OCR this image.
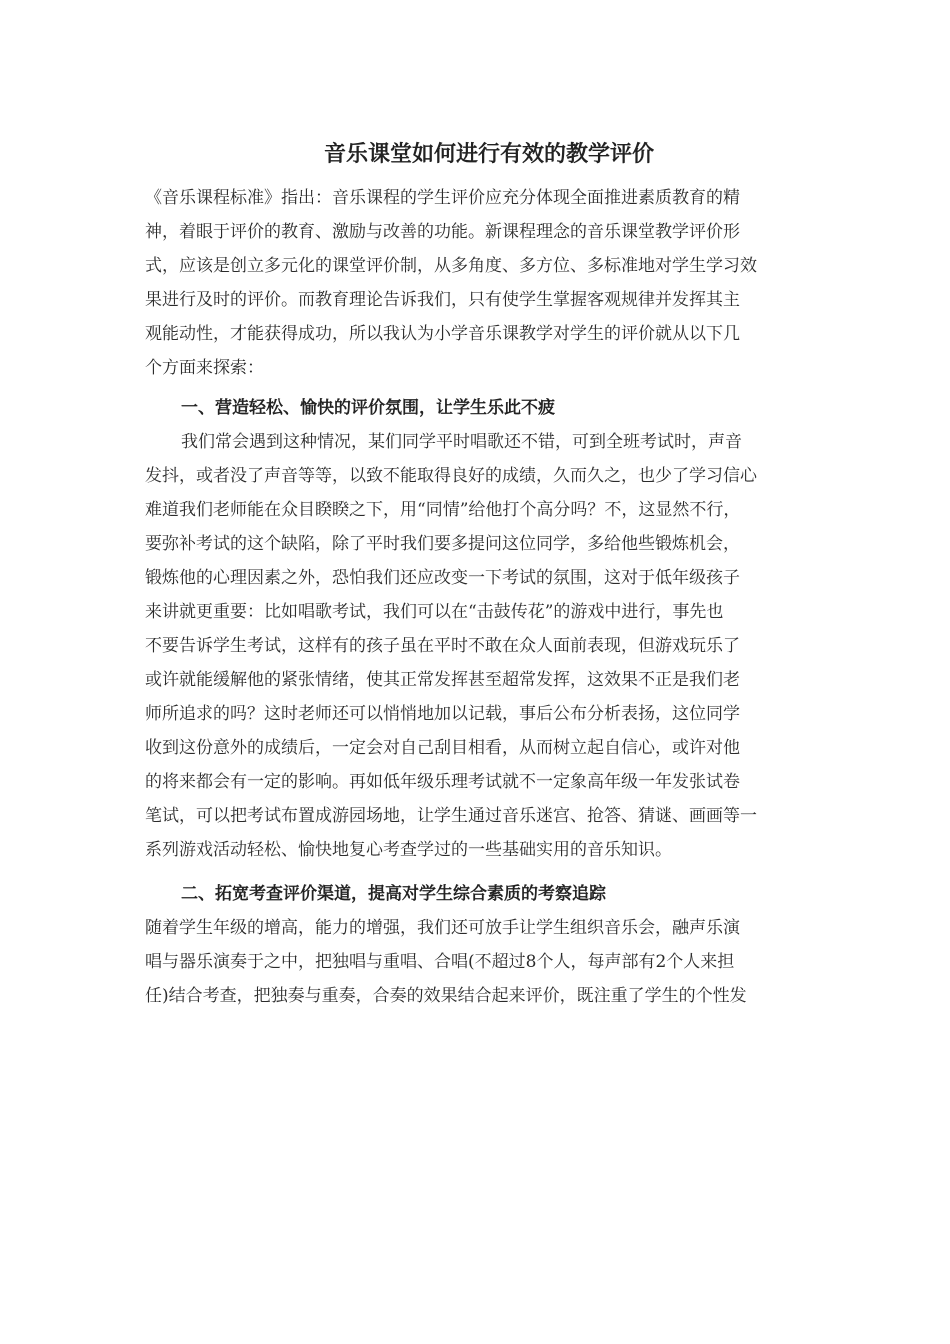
音乐课堂如何进行有效的教学评价
《音乐课程标准》指出：音乐课程的学生评价应充分体现全面推进素质教育的精
神，着眼于评价的教育、激励与改善的功能。新课程理念的音乐课堂教学评价形
式，应该是创立多元化的课堂评价制，从多角度、多方位、多标准地对学生学习效
果进行及时的评价。而教育理论告诉我们，只有使学生掌握客观规律并发挥其主
观能动性，才能获得成功，所以我认为小学音乐课教学对学生的评价就从以下几
个方面来探索：
一、营造轻松、愉快的评价氛围，让学生乐此不疲
我们常会遇到这种情况，某们同学平时唱歌还不错，可到全班考试时，声音
发抖，或者没了声音等等，以致不能取得良好的成绩，久而久之，也少了学习信心
难道我们老师能在众目睽睽之下，用“同情”给他打个高分吗？不，这显然不行，
要弥补考试的这个缺陷，除了平时我们要多提问这位同学，多给他些锻炼机会，
锻炼他的心理因素之外，恐怕我们还应改变一下考试的氛围，这对于低年级孩子
来讲就更重要：比如唱歌考试，我们可以在“击鼓传花”的游戏中进行，事先也
不要告诉学生考试，这样有的孩子虽在平时不敢在众人面前表现，但游戏玩乐了
或许就能缓解他的紧张情绪，使其正常发挥甚至超常发挥，这效果不正是我们老
师所追求的吗？这时老师还可以悄悄地加以记载，事后公布分析表扬，这位同学
收到这份意外的成绩后，一定会对自己刮目相看，从而树立起自信心，或许对他
的将来都会有一定的影响。再如低年级乐理考试就不一定象高年级一年发张试卷
笔试，可以把考试布置成游园场地，让学生通过音乐迷宫、抢答、猜谜、画画等一
系列游戏活动轻松、愉快地复心考查学过的一些基础实用的音乐知识。
二、拓宽考查评价渠道，提高对学生综合素质的考察追踪
随着学生年级的增高，能力的增强，我们还可放手让学生组织音乐会，融声乐演
唱与器乐演奏于之中，把独唱与重唱、合唱(不超过8个人，每声部有2个人来担
任)结合考查，把独奏与重奏，合奏的效果结合起来评价，既注重了学生的个性发
